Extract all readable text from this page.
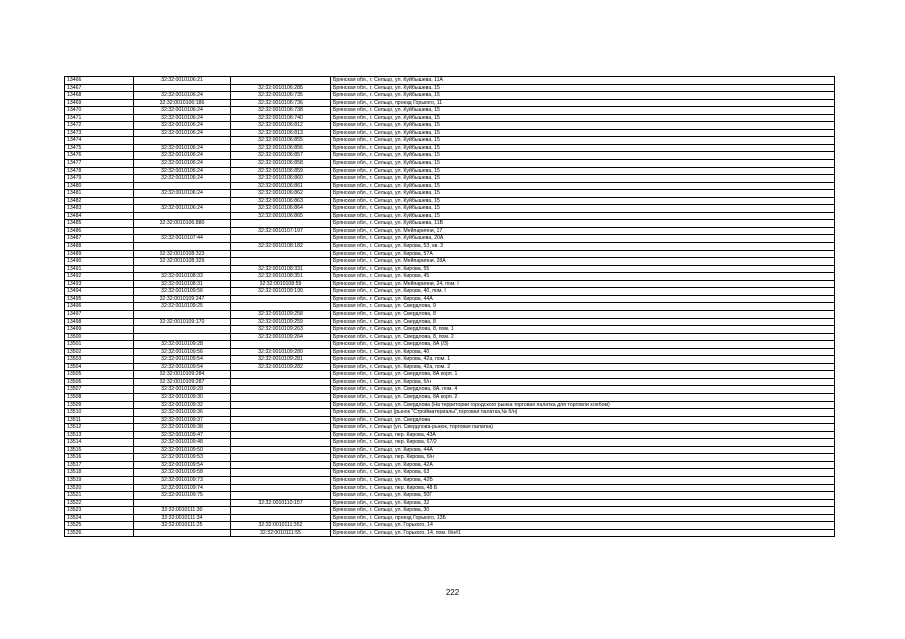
13466	32:32:0010106:21		Брянская обл., г. Сельцо, ул. Куйбышева, 11А
13467		32:32:0010106:285	Брянская обл., г. Сельцо, ул. Куйбышева, 15
13468	32:32:0010106:24	32:32:0010106:735	Брянская обл., г. Сельцо, ул. Куйбышева, 15
13469	32:32:0010106:186	32:32:0010106:736	Брянская обл., г. Сельцо, проезд Горького, 11
13470	32:32:0010106:24	32:32:0010106:738	Брянская обл., г. Сельцо, ул. Куйбышева, 15
13471	32:32:0010106:24	32:32:0010106:740	Брянская обл., г. Сельцо, ул. Куйбышева, 15
13472	32:32:0010106:24	32:32:0010106:812	Брянская обл., г. Сельцо, ул. Куйбышева, 15
13473	32:32:0010106:24	32:32:0010106:813	Брянская обл., г. Сельцо, ул. Куйбышева, 15
13474		32:32:0010106:855	Брянская обл., г. Сельцо, ул. Куйбышева, 15
13475	32:32:0010106:24	32:32:0010106:856	Брянская обл., г. Сельцо, ул. Куйбышева, 15
13476	32:32:0010106:24	32:32:0010106:857	Брянская обл., г. Сельцо, ул. Куйбышева, 15
13477	32:32:0010106:24	32:32:0010106:858	Брянская обл., г. Сельцо, ул. Куйбышева, 15
13478	32:32:0010106:24	32:32:0010106:859	Брянская обл., г. Сельцо, ул. Куйбышева, 15
13479	32:32:0010106:24	32:32:0010106:860	Брянская обл., г. Сельцо, ул. Куйбышева, 15
13480		32:32:0010106:861	Брянская обл., г. Сельцо, ул. Куйбышева, 15
13481	32:32:0010106:24	32:32:0010106:862	Брянская обл., г. Сельцо, ул. Куйбышева, 15
13482		32:32:0010106:863	Брянская обл., г. Сельцо, ул. Куйбышева, 15
13483	32:32:0010106:24	32:32:0010106:864	Брянская обл., г. Сельцо, ул. Куйбышева, 15
13484		32:32:0010106:865	Брянская обл., г. Сельцо, ул. Куйбышева, 15
13485	32:32:0010106:880		Брянская обл., г. Сельцо, ул. Куйбышева, 11В
13486		32:32:0010107:197	Брянская обл., г. Сельцо, ул. Мейпарияни, 17
13487	32:32:0010107:44		Брянская обл., г. Сельцо, ул. Куйбышева, 20А
13488		32:32:0010108:182	Брянская обл., г. Сельцо, ул. Кирова, 53, кв. 3
13489	32:32:0010108:323		Брянская обл., г. Сельцо, ул. Кирова, 57А
13490	32:32:0010108:329		Брянская обл., г. Сельцо, ул. Мейпарияни, 28А
13491		32:32:0010108:331	Брянская обл., г. Сельцо, ул. Кирова, 55
13492	32:32:0010108:33	32:32:0010108:351	Брянская обл., г. Сельцо, ул. Кирова, 45
13493	32:32:0010108:31	32:32:0010108:59	Брянская обл., г. Сельцо, ул. Мейпарияни, 24, пом. I
13494	32:32:0010109:56	32:32:0010109:190	Брянская обл., г. Сельцо, ул. Кирова, 40, пом. I
13495	32:32:0010109:247		Брянская обл., г. Сельцо, ул. Кирова, 44А
13496	32:32:0010109:25		Брянская обл., г. Сельцо, ул. Свердлова, 9
13497		32:32:0010109:258	Брянская обл., г. Сельцо, ул. Свердлова, 8
13498	32:32:0010109:170	32:32:0010109:259	Брянская обл., г. Сельцо, ул. Свердлова, 8
13499		32:32:0010109:263	Брянская обл., г. Сельцо, ул. Свердлова, 8, пом. 1
13500		32:32:0010109:264	Брянская обл., г. Сельцо, ул. Свердлова, 8, пом. 2
13501	32:32:0010109:28		Брянская обл., г. Сельцо, ул. Свердлова, 8А (/3)
13502	32:32:0010109:56	32:32:0010109:280	Брянская обл., г. Сельцо, ул. Кирова, 40
13503	32:32:0010109:54	32:32:0010109:281	Брянская обл., г. Сельцо, ул. Кирова, 42а, пом. 1
13504	32:32:0010109:54	32:32:0010109:282	Брянская обл., г. Сельцо, ул. Кирова, 42а, пом. 2
13505	32:32:0010109:284		Брянская обл., г. Сельцо, ул. Свердлова, 8А корп. 1
13506	32:32:0010109:287		Брянская обл., г. Сельцо, ул. Кирова, б/н
13507	32:32:0010109:29		Брянская обл., г. Сельцо, ул. Свердлова, 8А, пом. 4
13508	32:32:0010109:30		Брянская обл., г. Сельцо, ул. Свердлова, 8А корп. 2
13509	32:32:0010109:32		Брянская обл., г. Сельцо, ул. Свердлова (На территории городского рынка торговая палатка для торговли хлебом)
13510	32:32:0010109:36		Брянская обл., г. Сельцо (рынок "Стройматериалы",торговая палатка,№ б/н)
13511	32:32:0010109:37		Брянская обл., г. Сельцо, ул. Свердлова
13512	32:32:0010109:38		Брянская обл., г. Сельцо (ул. Свердлова-рынок, торговая палатка)
13513	32:32:0010109:47		Брянская обл., г. Сельцо, пер. Кирова, 43А
13514	32:32:0010109:48		Брянская обл., г. Сельцо, пер. Кирова, 67/2
13515	32:32:0010109:50		Брянская обл., г. Сельцо, ул. Кирова, 44А
13516	32:32:0010109:53		Брянская обл., г. Сельцо, пер. Кирова, б/н
13517	32:32:0010109:54		Брянская обл., г. Сельцо, ул. Кирова, 42А
13518	32:32:0010109:58		Брянская обл., г. Сельцо, ул. Кирова, 63
13519	32:32:0010109:73		Брянская обл., г. Сельцо, ул. Кирова, 42Б
13520	32:32:0010109:74		Брянская обл., г. Сельцо, пер. Кирова, 48 Б
13521	32:32:0010109:75		Брянская обл., г. Сельцо, ул. Кирова, 50Г
13522		32:32:0010110:157	Брянская обл., г. Сельцо, ул. Кирова, 32
13523	32:32:0010111:30		Брянская обл., г. Сельцо, ул. Кирова, 30
13524	32:32:0010111:34		Брянская обл., г. Сельцо, проезд Горького, 13Б
13525	32:32:0010111:25	32:32:0010111:352	Брянская обл., г. Сельцо, ул. Горького, 14
13526		32:32:0010111:55	Брянская обл., г. Сельцо, ул. Горького, 14, пом. б/н#1
222
